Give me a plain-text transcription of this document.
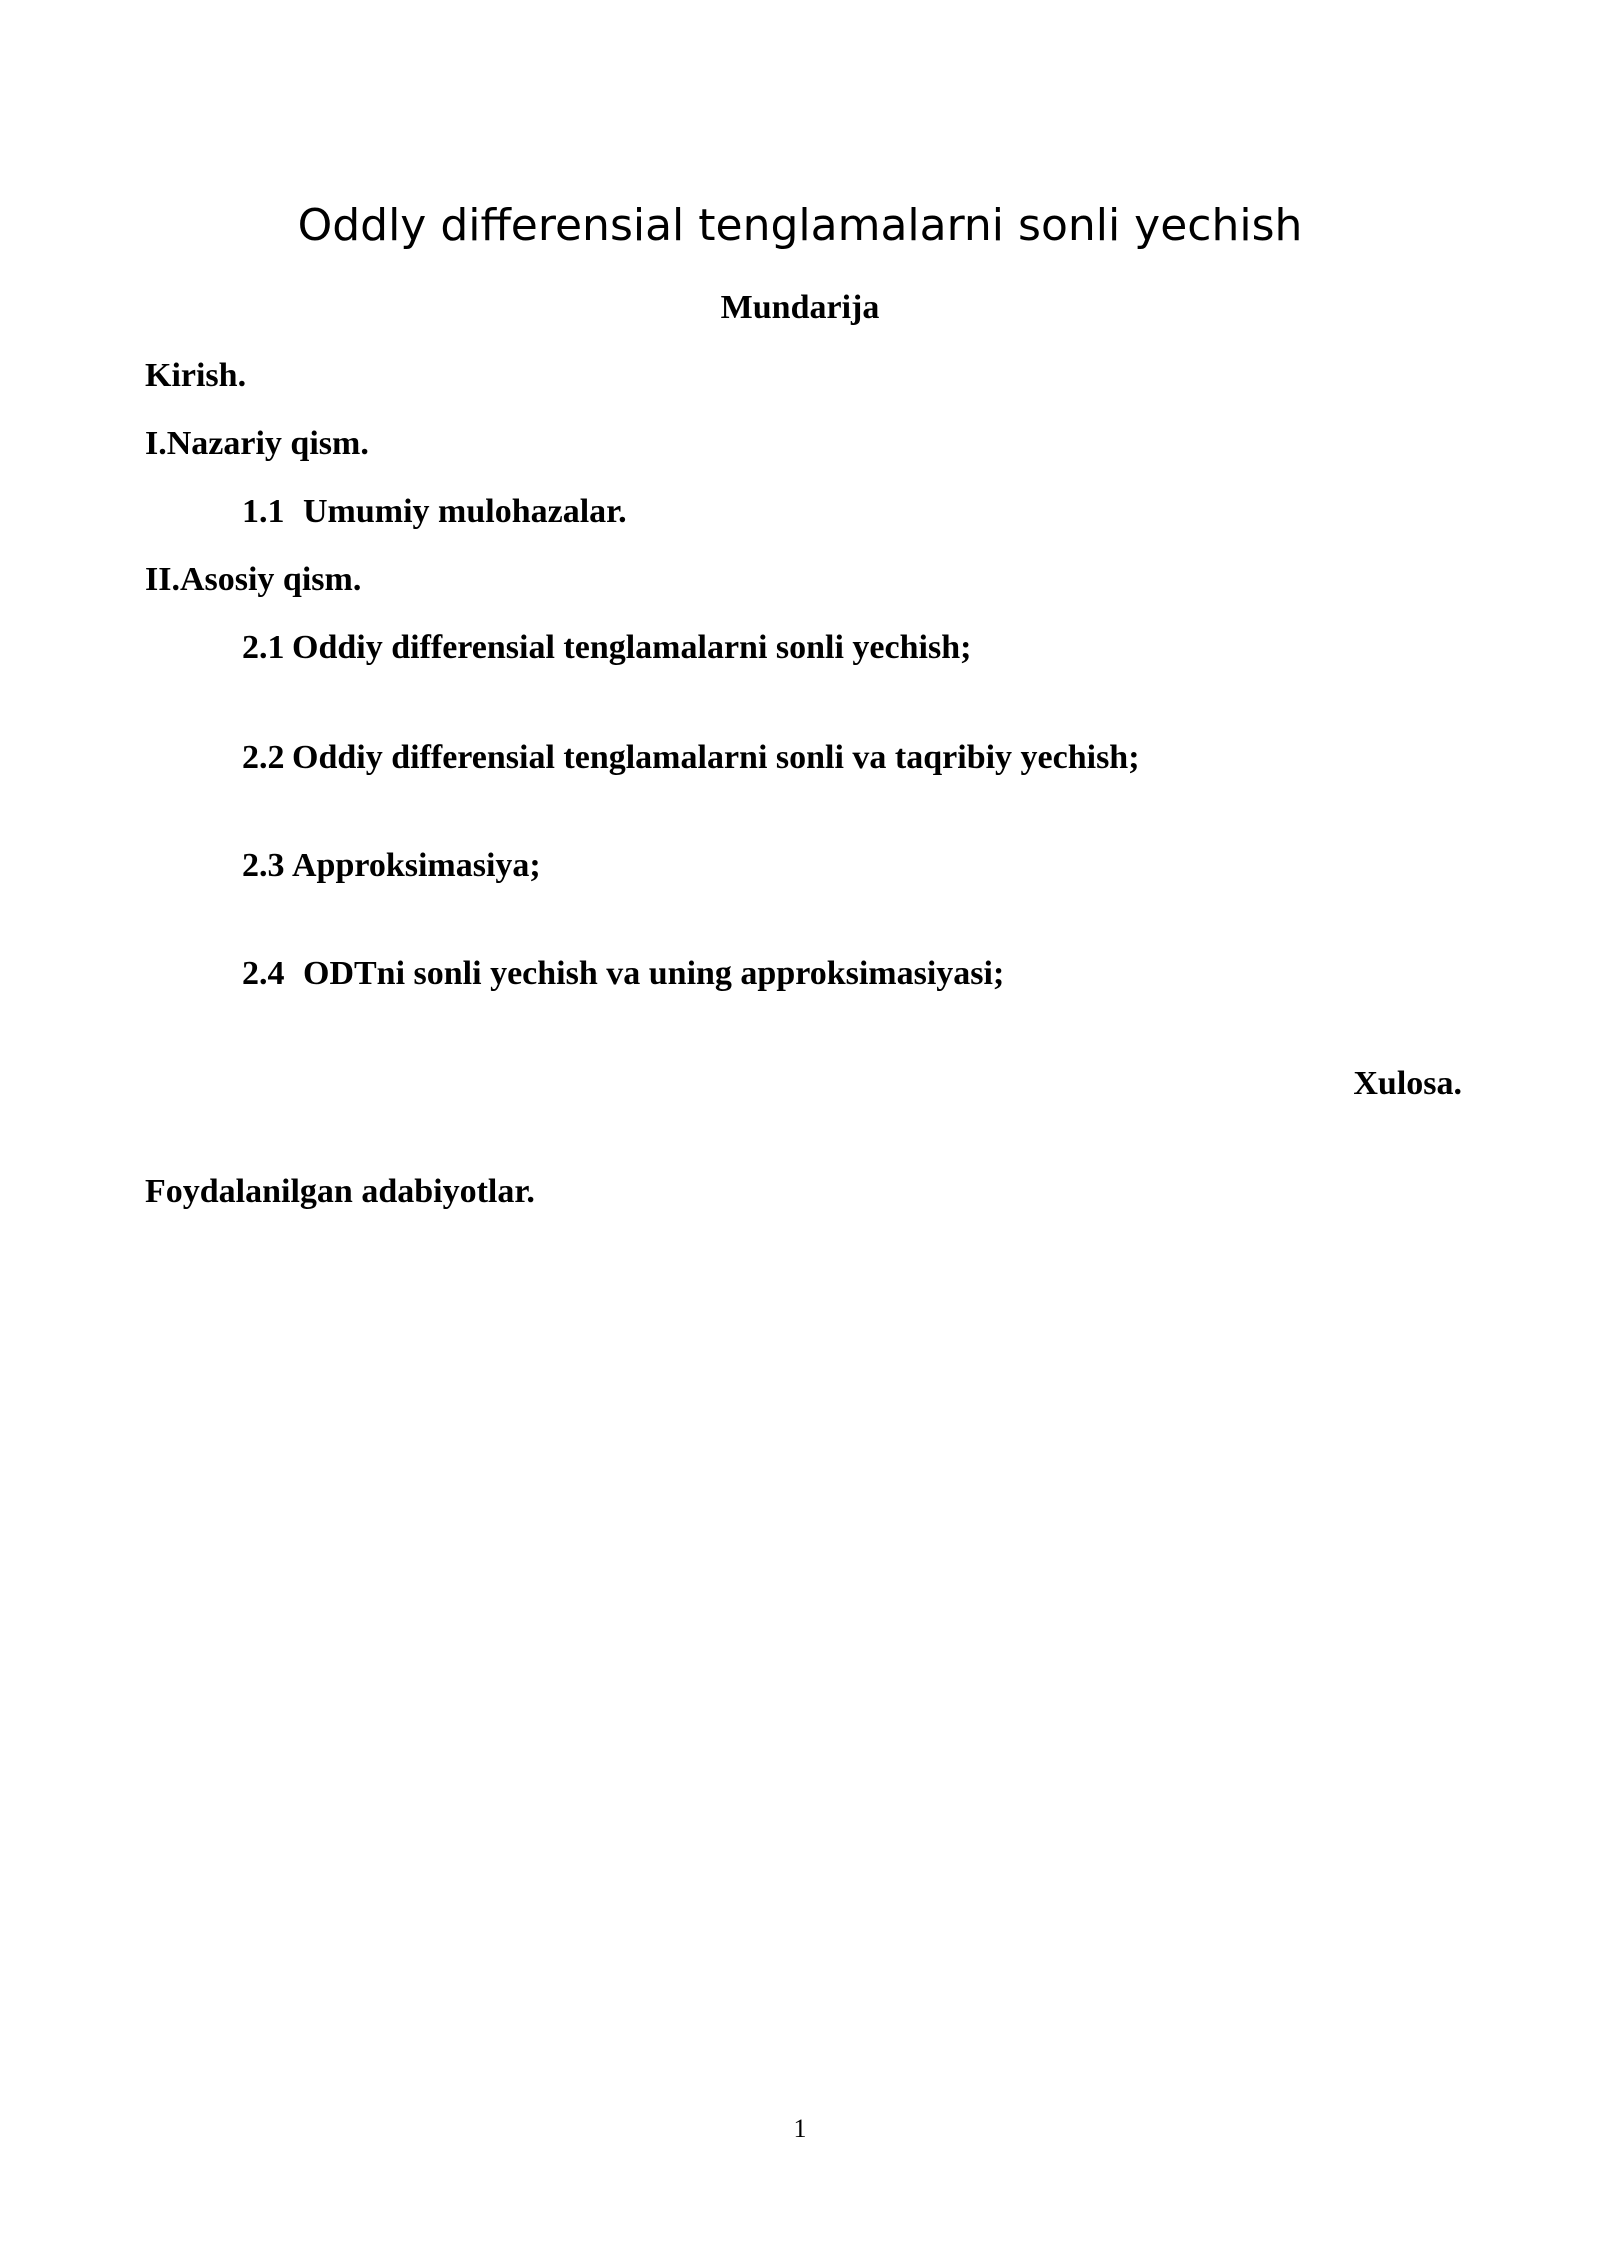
Oddly differensial tenglamalarni sonli yechish
Mundarija
Kirish.
I.Nazariy qism.
1.1 Umumiy mulohazalar.
II.Asosiy qism.
2.1 Oddiy differensial tenglamalarni sonli yechish;
2.2 Oddiy differensial tenglamalarni sonli va taqribiy yechish;
2.3 Approksimasiya;
2.4 ODTni sonli yechish va uning approksimasiyasi;
Xulosa.
Foydalanilgan adabiyotlar.
1
